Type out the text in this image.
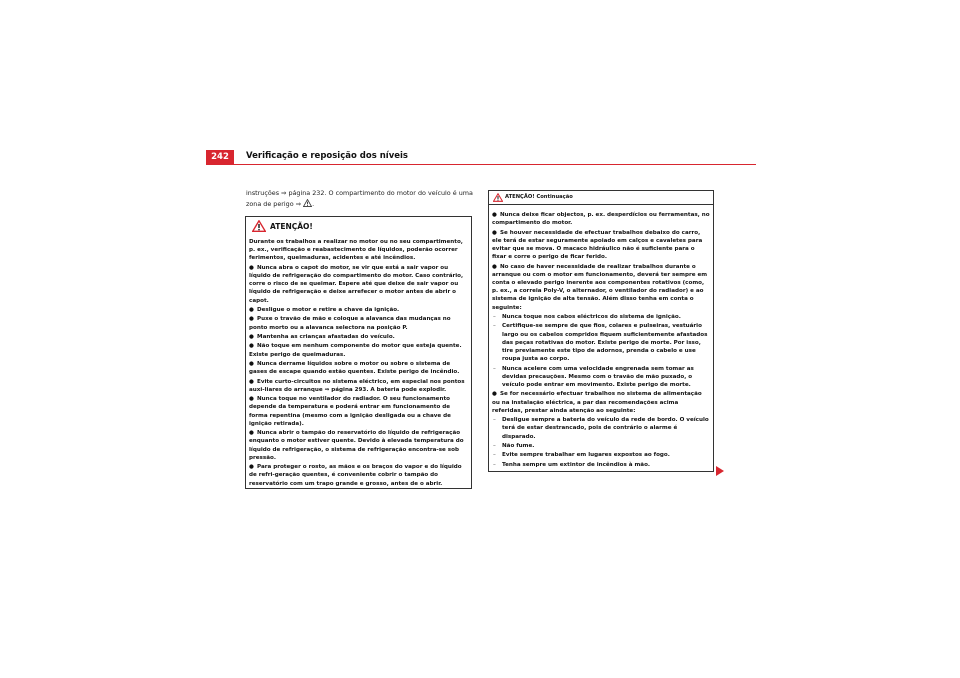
242	Verificação e reposição dos níveis
instruções ⇒ página 232. O compartimento do motor do veículo é uma zona de perigo ⇒ .
ATENÇÃO!

Durante os trabalhos a realizar no motor ou no seu compartimento, p. ex., verificação e reabastecimento de líquidos, poderão ocorrer ferimentos, queimaduras, acidentes e até incêndios.

● Nunca abra o capot do motor, se vir que está a sair vapor ou líquido de refrigeração do compartimento do motor. Caso contrário, corre o risco de se queimar. Espere até que deixe de sair vapor ou líquido de refrigeração e deixe arrefecer o motor antes de abrir o capot.

● Desligue o motor e retire a chave da ignição.

● Puxe o travão de mão e coloque a alavanca das mudanças no ponto morto ou a alavanca selectora na posição P.

● Mantenha as crianças afastadas do veículo.

● Não toque em nenhum componente do motor que esteja quente. Existe perigo de queimaduras.

● Nunca derrame líquidos sobre o motor ou sobre o sistema de gases de escape quando estão quentes. Existe perigo de incêndio.

● Evite curto-circuitos no sistema eléctrico, em especial nos pontos auxi-liares do arranque ⇒ página 293. A bateria pode explodir.

● Nunca toque no ventilador do radiador. O seu funcionamento depende da temperatura e poderá entrar em funcionamento de forma repentina (mesmo com a ignição desligada ou a chave de ignição retirada).

● Nunca abrir o tampão do reservatório do líquido de refrigeração enquanto o motor estiver quente. Devido à elevada temperatura do líquido de refrigeração, o sistema de refrigeração encontra-se sob pressão.

● Para proteger o rosto, as mãos e os braços do vapor e do líquido de refri-geração quentes, é conveniente cobrir o tampão do reservatório com um trapo grande e grosso, antes de o abrir.

ATENÇÃO! Continuação

● Nunca deixe ficar objectos, p. ex. desperdícios ou ferramentas, no compartimento do motor.

● Se houver necessidade de efectuar trabalhos debaixo do carro, ele terá de estar seguramente apoiado em calços e cavaletes para evitar que se mova. O macaco hidráulico não é suficiente para o fixar e corre o perigo de ficar ferido.

● No caso de haver necessidade de realizar trabalhos durante o arranque ou com o motor em funcionamento, deverá ter sempre em conta o elevado perigo inerente aos componentes rotativos (como, p. ex., a correia Poly-V, o alternador, o ventilador do radiador) e ao sistema de ignição de alta tensão. Além disso tenha em conta o seguinte:

– Nunca toque nos cabos eléctricos do sistema de ignição.

– Certifique-se sempre de que fios, colares e pulseiras, vestuário largo ou os cabelos compridos fiquem suficientemente afastados das peças rotativas do motor. Existe perigo de morte. Por isso, tire previamente este tipo de adornos, prenda o cabelo e use roupa justa ao corpo.

– Nunca acelere com uma velocidade engrenada sem tomar as devidas precauções. Mesmo com o travão de mão puxado, o veículo pode entrar em movimento. Existe perigo de morte.

● Se for necessário efectuar trabalhos no sistema de alimentação ou na instalação eléctrica, a par das recomendações acima referidas, prestar ainda atenção ao seguinte:

– Desligue sempre a bateria do veículo da rede de bordo. O veículo terá de estar destrancado, pois de contrário o alarme é disparado.

– Não fume.

– Evite sempre trabalhar em lugares expostos ao fogo.

– Tenha sempre um extintor de incêndios à mão.
